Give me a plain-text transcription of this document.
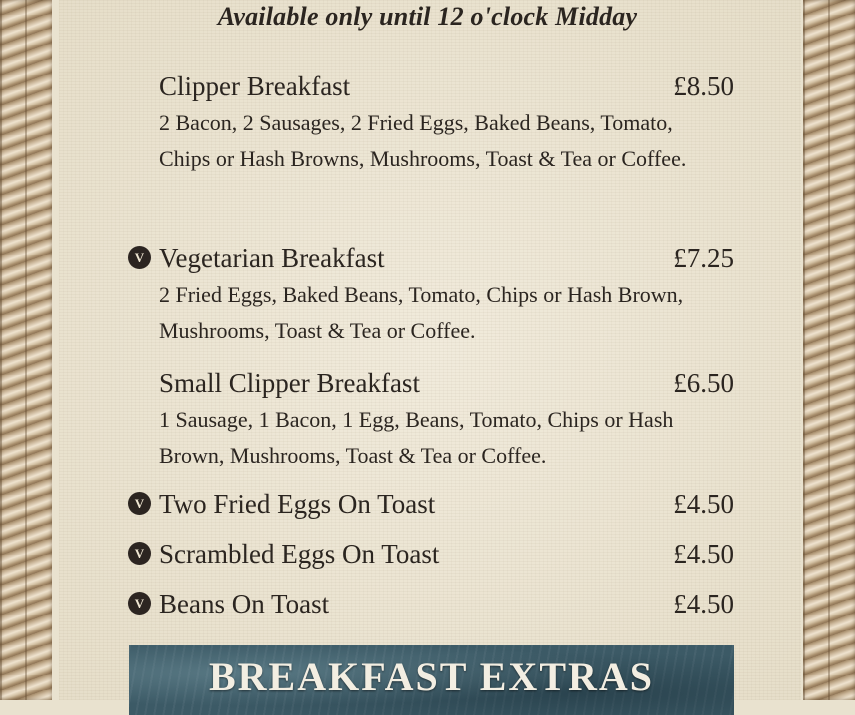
Available only until 12 o'clock Midday
Clipper Breakfast	£8.50
2 Bacon, 2 Sausages, 2 Fried Eggs, Baked Beans, Tomato, Chips or Hash Browns, Mushrooms, Toast & Tea or Coffee.
V Vegetarian Breakfast	£7.25
2 Fried Eggs, Baked Beans, Tomato, Chips or Hash Brown, Mushrooms, Toast & Tea or Coffee.
Small Clipper Breakfast	£6.50
1 Sausage, 1 Bacon, 1 Egg, Beans, Tomato, Chips or Hash Brown, Mushrooms, Toast & Tea or Coffee.
V Two Fried Eggs On Toast	£4.50
V Scrambled Eggs On Toast	£4.50
V Beans On Toast	£4.50
BREAKFAST EXTRAS
